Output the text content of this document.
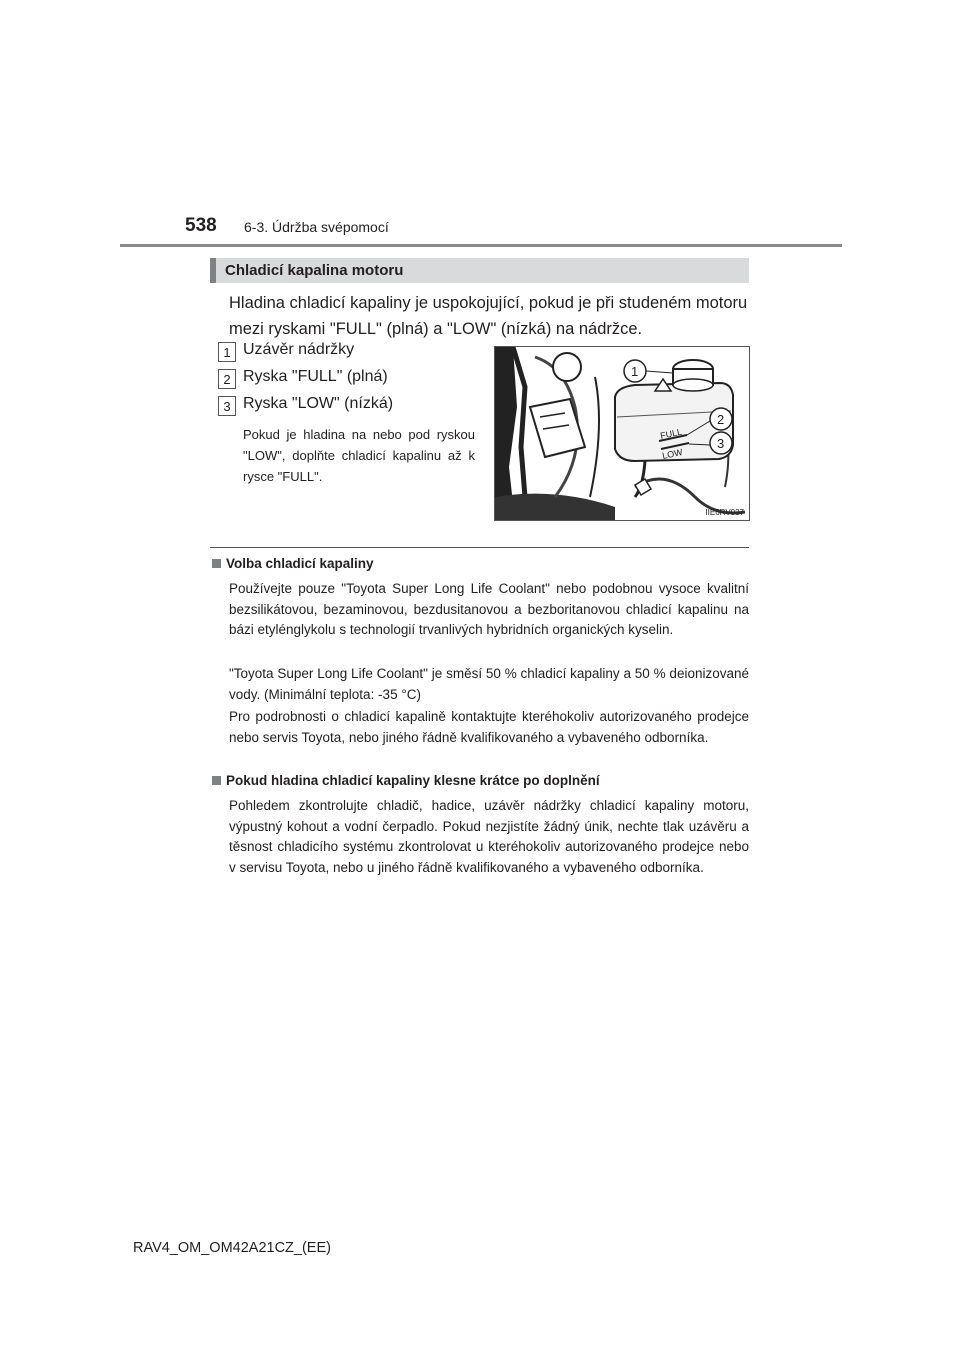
538 6-3. Údržba svépomocí
Chladicí kapalina motoru
Hladina chladicí kapaliny je uspokojující, pokud je při studeném motoru mezi ryskami "FULL" (plná) a "LOW" (nízká) na nádržce.
1 Uzávěr nádržky
2 Ryska "FULL" (plná)
3 Ryska "LOW" (nízká)
Pokud je hladina na nebo pod ryskou "LOW", doplňte chladicí kapalinu až k rysce "FULL".
FULL
LOW
1
2
3
IIE6RV037
Volba chladicí kapaliny
Používejte pouze "Toyota Super Long Life Coolant" nebo podobnou vysoce kvalitní bezsilikátovou, bezaminovou, bezdusitanovou a bezboritanovou chladicí kapalinu na bázi etylénglykolu s technologií trvanlivých hybridních organických kyselin.
"Toyota Super Long Life Coolant" je směsí 50 % chladicí kapaliny a 50 % deionizované vody. (Minimální teplota: -35 °C)
Pro podrobnosti o chladicí kapalině kontaktujte kteréhokoliv autorizovaného prodejce nebo servis Toyota, nebo jiného řádně kvalifikovaného a vybaveného odborníka.
Pokud hladina chladicí kapaliny klesne krátce po doplnění
Pohledem zkontrolujte chladič, hadice, uzávěr nádržky chladicí kapaliny motoru, výpustný kohout a vodní čerpadlo. Pokud nezjistíte žádný únik, nechte tlak uzávěru a těsnost chladicího systému zkontrolovat u kteréhokoliv autorizovaného prodejce nebo v servisu Toyota, nebo u jiného řádně kvalifikovaného a vybaveného odborníka.
RAV4_OM_OM42A21CZ_(EE)
